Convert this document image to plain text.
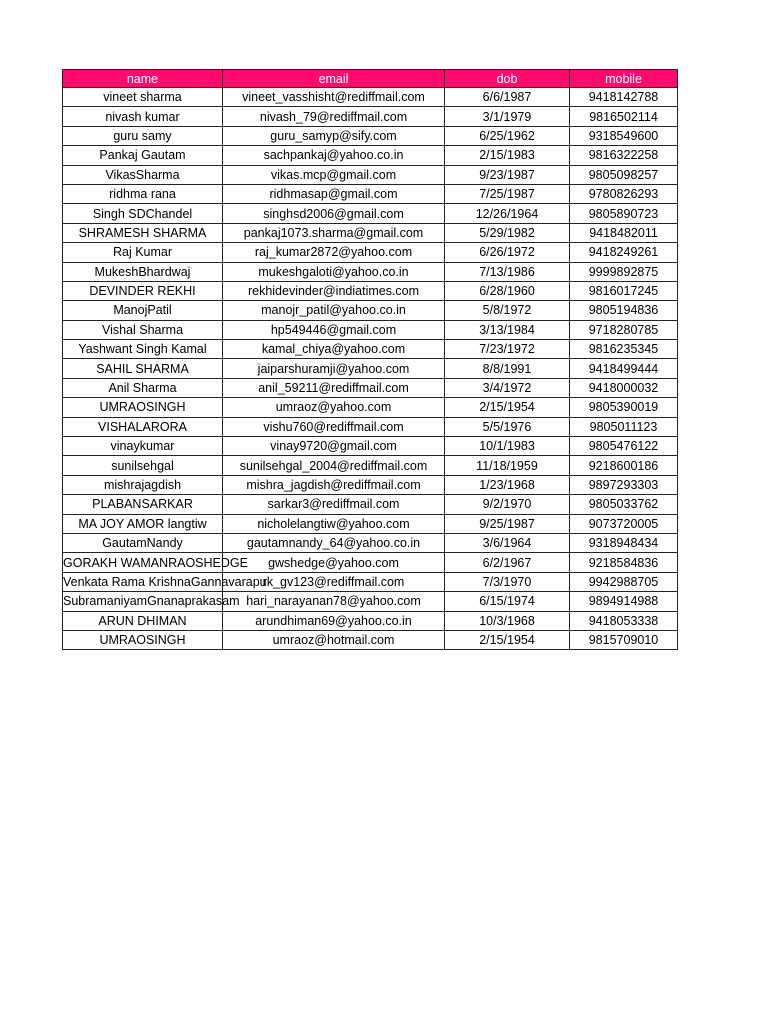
name	email	dob	mobile
vineet sharma	vineet_vasshisht@rediffmail.com	6/6/1987	9418142788
nivash kumar	nivash_79@rediffmail.com	3/1/1979	9816502114
guru samy	guru_samyp@sify.com	6/25/1962	9318549600
Pankaj Gautam	sachpankaj@yahoo.co.in	2/15/1983	9816322258
VikasSharma	vikas.mcp@gmail.com	9/23/1987	9805098257
ridhma rana	ridhmasap@gmail.com	7/25/1987	9780826293
Singh SDChandel	singhsd2006@gmail.com	12/26/1964	9805890723
SHRAMESH SHARMA	pankaj1073.sharma@gmail.com	5/29/1982	9418482011
Raj Kumar	raj_kumar2872@yahoo.com	6/26/1972	9418249261
MukeshBhardwaj	mukeshgaloti@yahoo.co.in	7/13/1986	9999892875
DEVINDER REKHI	rekhidevinder@indiatimes.com	6/28/1960	9816017245
ManojPatil	manojr_patil@yahoo.co.in	5/8/1972	9805194836
Vishal Sharma	hp549446@gmail.com	3/13/1984	9718280785
Yashwant Singh Kamal	kamal_chiya@yahoo.com	7/23/1972	9816235345
SAHIL SHARMA	jaiparshuramji@yahoo.com	8/8/1991	9418499444
Anil Sharma	anil_59211@rediffmail.com	3/4/1972	9418000032
UMRAOSINGH	umraoz@yahoo.com	2/15/1954	9805390019
VISHALARORA	vishu760@rediffmail.com	5/5/1976	9805011123
vinaykumar	vinay9720@gmail.com	10/1/1983	9805476122
sunilsehgal	sunilsehgal_2004@rediffmail.com	11/18/1959	9218600186
mishrajagdish	mishra_jagdish@rediffmail.com	1/23/1968	9897293303
PLABANSARKAR	sarkar3@rediffmail.com	9/2/1970	9805033762
MA JOY AMOR langtiw	nicholelangtiw@yahoo.com	9/25/1987	9073720005
GautamNandy	gautamnandy_64@yahoo.co.in	3/6/1964	9318948434
GORAKH WAMANRAOSHEDGE	gwshedge@yahoo.com	6/2/1967	9218584836
Venkata Rama KrishnaGannavarapu	rk_gv123@rediffmail.com	7/3/1970	9942988705
SubramaniyamGnanaprakasam	hari_narayanan78@yahoo.com	6/15/1974	9894914988
ARUN DHIMAN	arundhiman69@yahoo.co.in	10/3/1968	9418053338
UMRAOSINGH	umraoz@hotmail.com	2/15/1954	9815709010
